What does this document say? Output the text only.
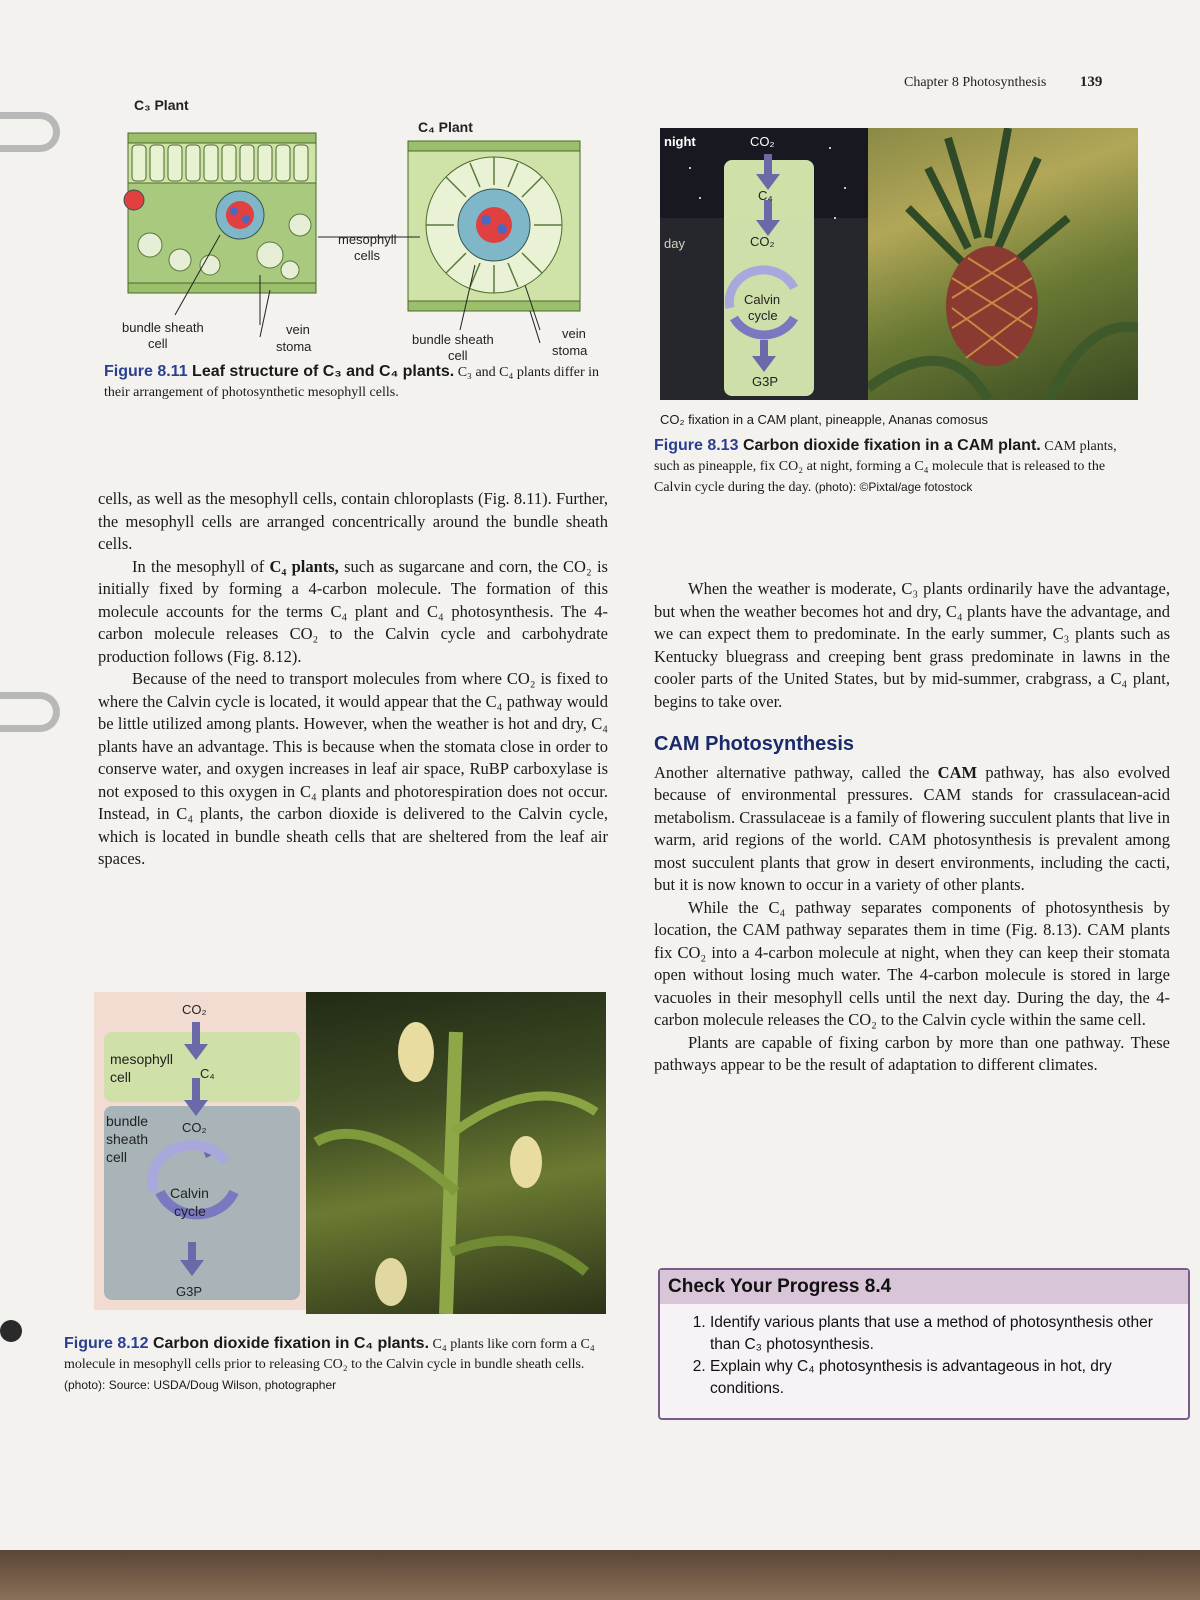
Chapter 8 Photosynthesis 139
C₃ Plant
C₄ Plant
mesophyll
cells
bundle sheath
cell
vein
stoma	bundle sheath
cell
vein
stoma
Figure 8.11 Leaf structure of C₃ and C₄ plants. C₃ and C₄ plants differ in their arrangement of photosynthetic mesophyll cells.

cells, as well as the mesophyll cells, contain chloroplasts (Fig. 8.11). Further, the mesophyll cells are arranged concentrically around the bundle sheath cells.

In the mesophyll of C₄ plants, such as sugarcane and corn, the CO₂ is initially fixed by forming a 4-carbon molecule. The formation of this molecule accounts for the terms C₄ plant and C₄ photosynthesis. The 4-carbon molecule releases CO₂ to the Calvin cycle and carbohydrate production follows (Fig. 8.12).

Because of the need to transport molecules from where CO₂ is fixed to where the Calvin cycle is located, it would appear that the C₄ pathway would be little utilized among plants. However, when the weather is hot and dry, C₄ plants have an advantage. This is because when the stomata close in order to conserve water, and oxygen increases in leaf air space, RuBP carboxylase is not exposed to this oxygen in C₄ plants and photorespiration does not occur. Instead, in C₄ plants, the carbon dioxide is delivered to the Calvin cycle, which is located in bundle sheath cells that are sheltered from the leaf air spaces.

CO₂
mesophyll
cell	C₄
bundle
sheath
cell
CO₂
Calvin
cycle
G3P
Figure 8.12 Carbon dioxide fixation in C₄ plants. C₄ plants like corn form a C₄ molecule in mesophyll cells prior to releasing CO₂ to the Calvin cycle in bundle sheath cells. (photo): Source: USDA/Doug Wilson, photographer
night
day
CO₂
C₄
CO₂
Calvin
cycle
G3P
CO₂ fixation in a CAM plant, pineapple, Ananas comosus
Figure 8.13 Carbon dioxide fixation in a CAM plant. CAM plants, such as pineapple, fix CO₂ at night, forming a C₄ molecule that is released to the Calvin cycle during the day. (photo): ©Pixtal/age fotostock

When the weather is moderate, C₃ plants ordinarily have the advantage, but when the weather becomes hot and dry, C₄ plants have the advantage, and we can expect them to predominate. In the early summer, C₃ plants such as Kentucky bluegrass and creeping bent grass predominate in lawns in the cooler parts of the United States, but by mid-summer, crabgrass, a C₄ plant, begins to take over.

CAM Photosynthesis

Another alternative pathway, called the CAM pathway, has also evolved because of environmental pressures. CAM stands for crassulacean-acid metabolism. Crassulaceae is a family of flowering succulent plants that live in warm, arid regions of the world. CAM photosynthesis is prevalent among most succulent plants that grow in desert environments, including the cacti, but it is now known to occur in a variety of other plants.

While the C₄ pathway separates components of photosynthesis by location, the CAM pathway separates them in time (Fig. 8.13). CAM plants fix CO₂ into a 4-carbon molecule at night, when they can keep their stomata open without losing much water. The 4-carbon molecule is stored in large vacuoles in their mesophyll cells until the next day. During the day, the 4-carbon molecule releases the CO₂ to the Calvin cycle within the same cell.

Plants are capable of fixing carbon by more than one pathway. These pathways appear to be the result of adaptation to different climates.

Check Your Progress 8.4
1. Identify various plants that use a method of photosynthesis other than C₃ photosynthesis.
2. Explain why C₄ photosynthesis is advantageous in hot, dry conditions.
